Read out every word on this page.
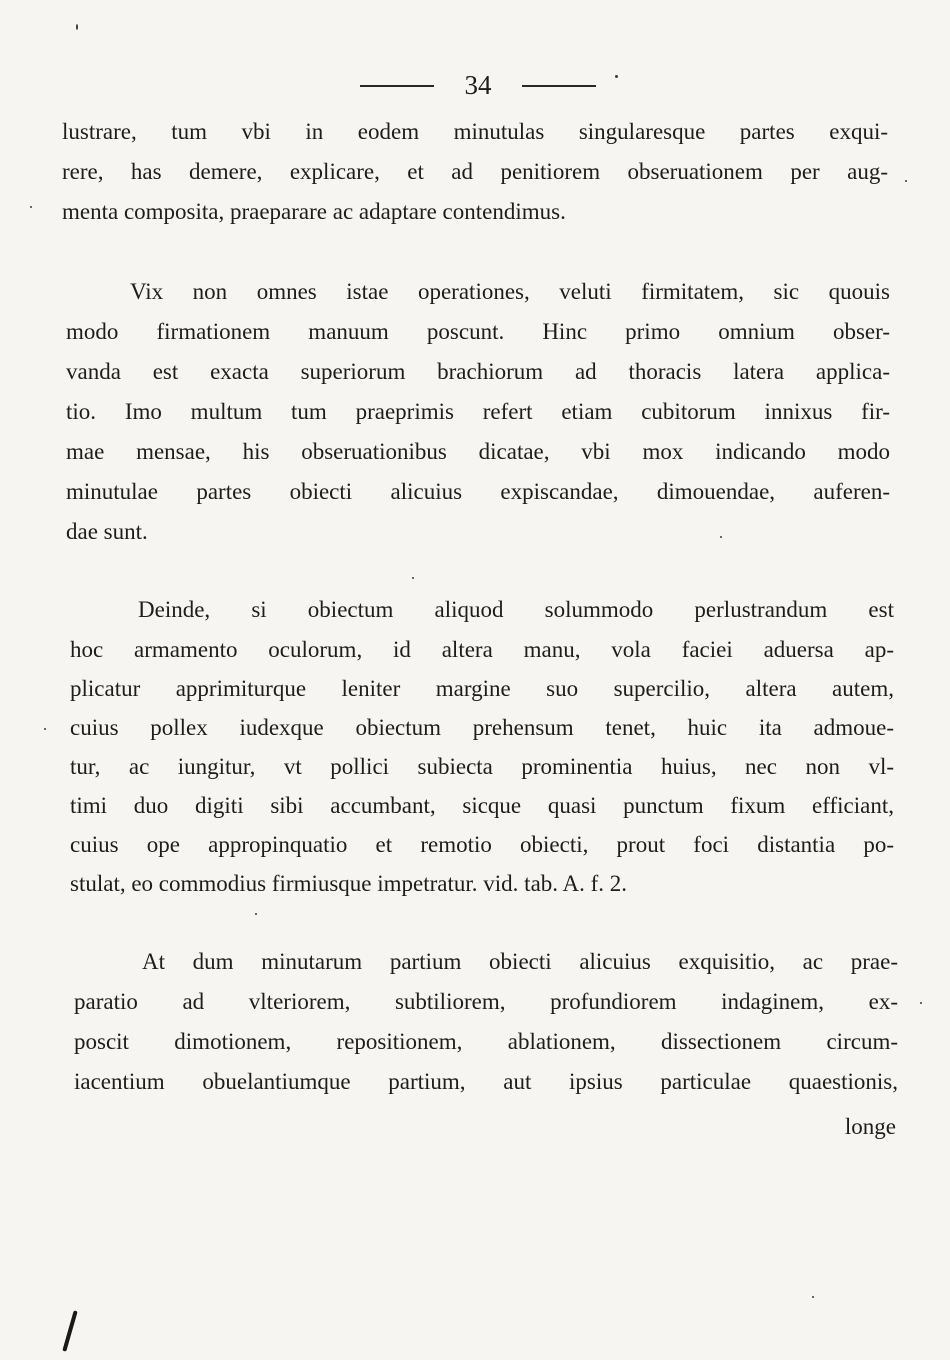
34

lustrare, tum vbi in eodem minutulas singularesque partes exqui-

rere, has demere, explicare, et ad penitiorem obseruationem per aug-

menta composita, praeparare ac adaptare contendimus.

Vix non omnes istae operationes, veluti firmitatem, sic quouis

modo firmationem manuum poscunt. Hinc primo omnium obser-

vanda est exacta superiorum brachiorum ad thoracis latera applica-

tio. Imo multum tum praeprimis refert etiam cubitorum innixus fir-

mae mensae, his obseruationibus dicatae, vbi mox indicando modo

minutulae partes obiecti alicuius expiscandae, dimouendae, auferen-

dae sunt.

Deinde, si obiectum aliquod solummodo perlustrandum est

hoc armamento oculorum, id altera manu, vola faciei aduersa ap-

plicatur apprimiturque leniter margine suo supercilio, altera autem,

cuius pollex iudexque obiectum prehensum tenet, huic ita admoue-

tur, ac iungitur, vt pollici subiecta prominentia huius, nec non vl-

timi duo digiti sibi accumbant, sicque quasi punctum fixum efficiant,

cuius ope appropinquatio et remotio obiecti, prout foci distantia po-

stulat, eo commodius firmiusque impetratur. vid. tab. A. f. 2.

At dum minutarum partium obiecti alicuius exquisitio, ac prae-

paratio ad vlteriorem, subtiliorem, profundiorem indaginem, ex-

poscit dimotionem, repositionem, ablationem, dissectionem circum-

iacentium obuelantiumque partium, aut ipsius particulae quaestionis,

longe
